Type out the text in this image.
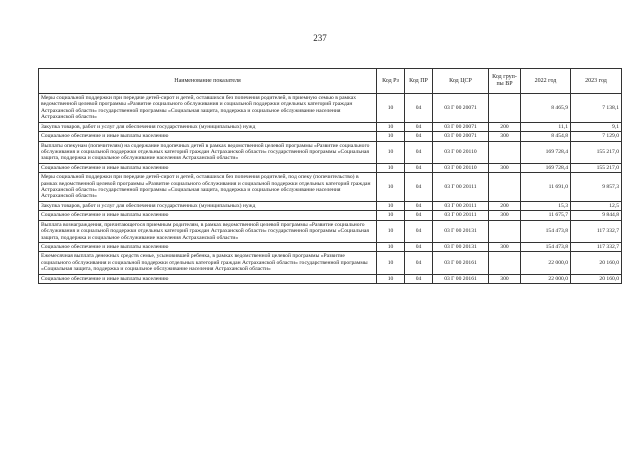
237
Наименование показателя	Код Рз	Код ПР	Код ЦСР	Код груп-пы ВР	2022 год	2023 год
Меры социальной поддержки при передаче детей-сирот и детей, оставшихся без попечения родителей, в приемную семью в рамках ведомственной целевой программы «Развитие социального обслуживания и социальной поддержки отдельных категорий граждан Астраханской области» государственной программы «Социальная защита, поддержка и социальное обслуживание населения Астраханской области»	10	04	03 Г 00 20071		8 465,9	7 138,1
Закупка товаров, работ и услуг для обеспечения государственных (муниципальных) нужд	10	04	03 Г 00 20071	200	11,1	9,1
Социальное обеспечение и иные выплаты населению	10	04	03 Г 00 20071	300	8 454,8	7 129,0
Выплаты опекунам (попечителям) на содержание подопечных детей в рамках ведомственной целевой программы «Развитие социального обслуживания и социальной поддержки отдельных категорий граждан Астраханской области» государственной программы «Социальная защита, поддержка и социальное обслуживание населения Астраханской области»	10	04	03 Г 00 20110		169 728,4	155 217,0
Социальное обеспечение и иные выплаты населению	10	04	03 Г 00 20110	300	169 728,4	155 217,0
Меры социальной поддержки при передаче детей-сирот и детей, оставшихся без попечения родителей, под опеку (попечительство) в рамках ведомственной целевой программы «Развитие социального обслуживания и социальной поддержки отдельных категорий граждан Астраханской области» государственной программы «Социальная защита, поддержка и социальное обслуживание населения Астраханской области»	10	04	03 Г 00 20111		11 691,0	9 857,3
Закупка товаров, работ и услуг для обеспечения государственных (муниципальных) нужд	10	04	03 Г 00 20111	200	15,3	12,5
Социальное обеспечение и иные выплаты населению	10	04	03 Г 00 20111	300	11 675,7	9 844,8
Выплата вознаграждения, причитающегося приемным родителям, в рамках ведомственной целевой программы «Развитие социального обслуживания и социальной поддержки отдельных категорий граждан Астраханской области» государственной программы «Социальная защита, поддержка и социальное обслуживание населения Астраханской области»	10	04	03 Г 00 20131		154 473,8	117 332,7
Социальное обеспечение и иные выплаты населению	10	04	03 Г 00 20131	300	154 473,8	117 332,7
Ежемесячная выплата денежных средств семье, усыновившей ребенка, в рамках ведомственной целевой программы «Развитие социального обслуживания и социальной поддержки отдельных категорий граждан Астраханской области» государственной программы «Социальная защита, поддержка и социальное обслуживание населения Астраханской области»	10	04	03 Г 00 20161		22 000,0	20 160,0
Социальное обеспечение и иные выплаты населению	10	04	03 Г 00 20161	300	22 000,0	20 160,0
